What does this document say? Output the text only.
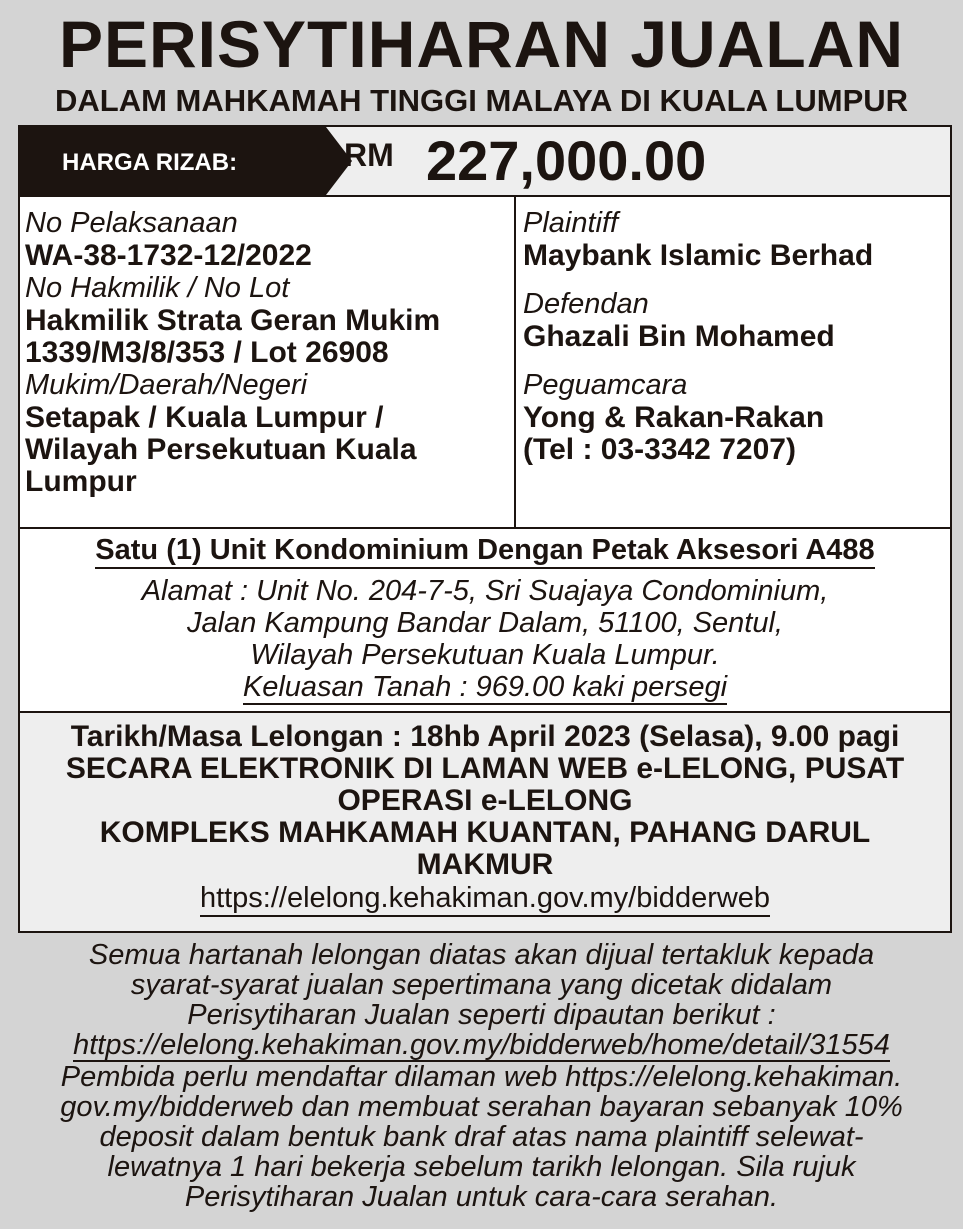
PERISYTIHARAN JUALAN
DALAM MAHKAMAH TINGGI MALAYA DI KUALA LUMPUR
HARGA RIZAB:	RM 227,000.00
No Pelaksanaan
WA-38-1732-12/2022
No Hakmilik / No Lot
Hakmilik Strata Geran Mukim
1339/M3/8/353 / Lot 26908
Mukim/Daerah/Negeri
Setapak / Kuala Lumpur /
Wilayah Persekutuan Kuala
Lumpur
Plaintiff
Maybank Islamic Berhad
Defendan
Ghazali Bin Mohamed
Peguamcara
Yong & Rakan-Rakan
(Tel : 03-3342 7207)
Satu (1) Unit Kondominium Dengan Petak Aksesori A488
Alamat : Unit No. 204-7-5, Sri Suajaya Condominium,
Jalan Kampung Bandar Dalam, 51100, Sentul,
Wilayah Persekutuan Kuala Lumpur.
Keluasan Tanah : 969.00 kaki persegi
Tarikh/Masa Lelongan : 18hb April 2023 (Selasa), 9.00 pagi
SECARA ELEKTRONIK DI LAMAN WEB e-LELONG, PUSAT
OPERASI e-LELONG
KOMPLEKS MAHKAMAH KUANTAN, PAHANG DARUL
MAKMUR
https://elelong.kehakiman.gov.my/bidderweb
Semua hartanah lelongan diatas akan dijual tertakluk kepada
syarat-syarat jualan sepertimana yang dicetak didalam
Perisytiharan Jualan seperti dipautan berikut :
https://elelong.kehakiman.gov.my/bidderweb/home/detail/31554
Pembida perlu mendaftar dilaman web https://elelong.kehakiman.
gov.my/bidderweb dan membuat serahan bayaran sebanyak 10%
deposit dalam bentuk bank draf atas nama plaintiff selewat-
lewatnya 1 hari bekerja sebelum tarikh lelongan. Sila rujuk
Perisytiharan Jualan untuk cara-cara serahan.
